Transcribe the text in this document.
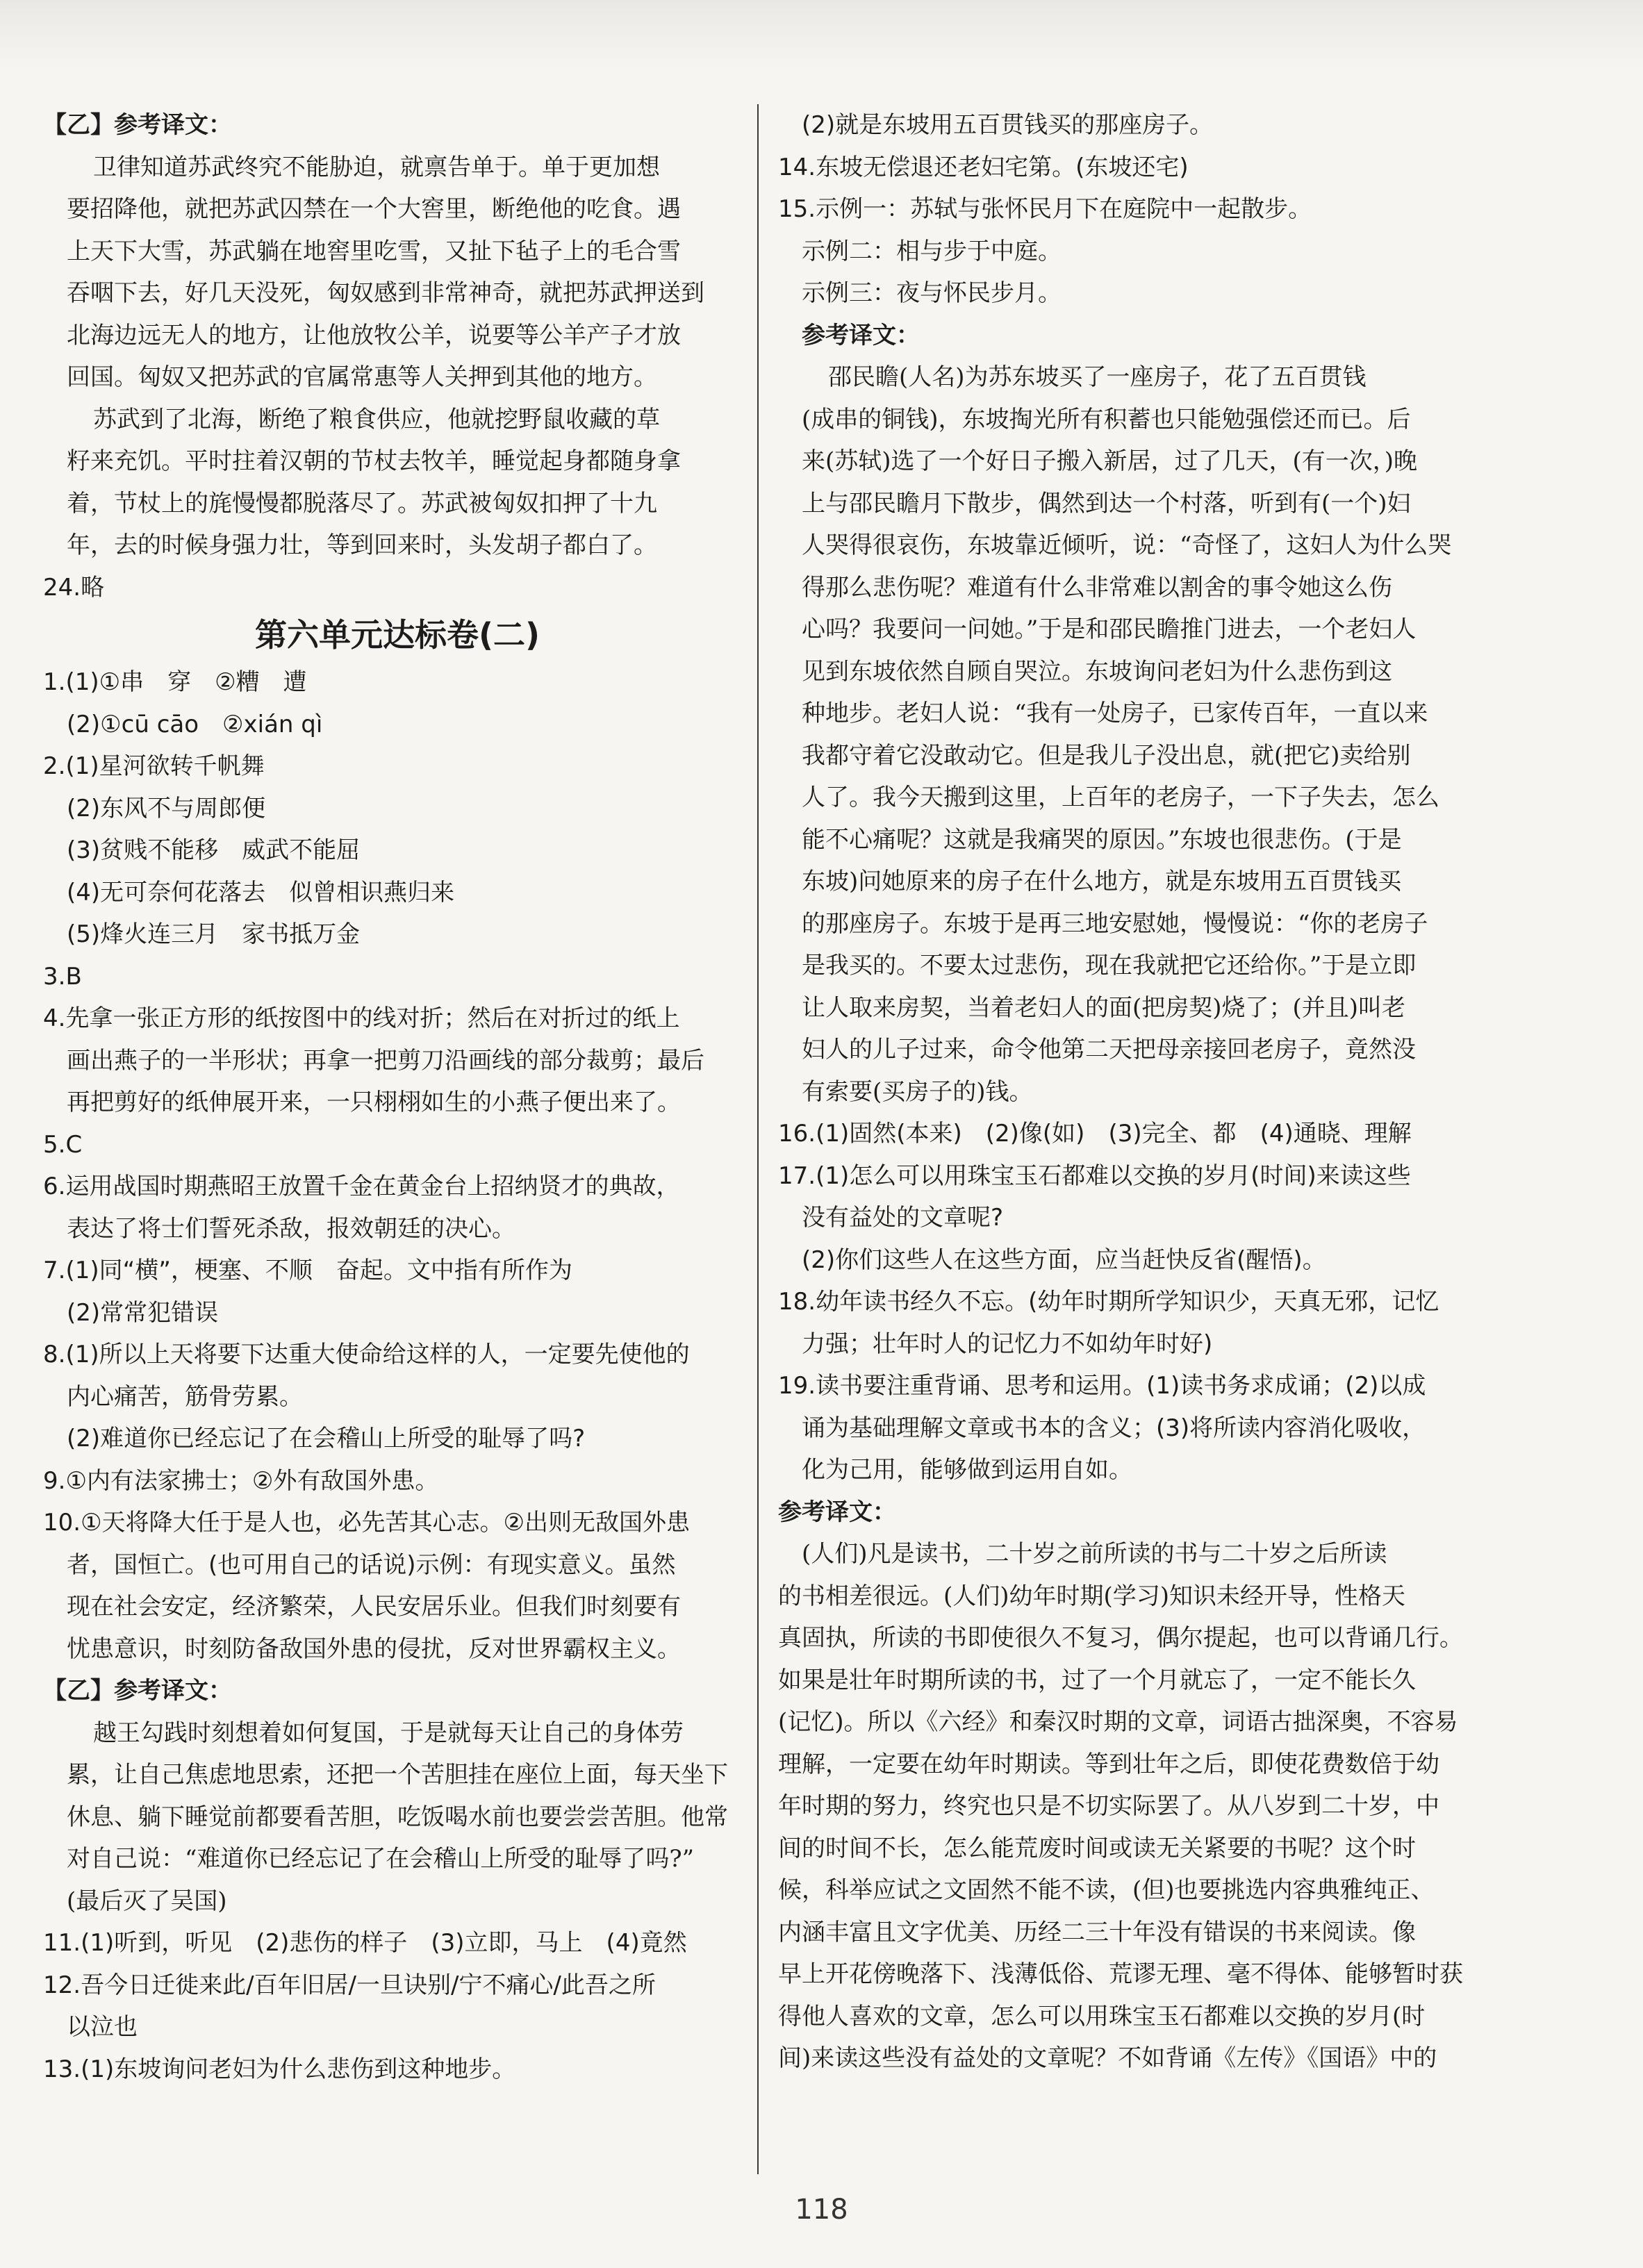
【乙】参考译文：
卫律知道苏武终究不能胁迫，就禀告单于。单于更加想
要招降他，就把苏武囚禁在一个大窖里，断绝他的吃食。遇
上天下大雪，苏武躺在地窖里吃雪，又扯下毡子上的毛合雪
吞咽下去，好几天没死，匈奴感到非常神奇，就把苏武押送到
北海边远无人的地方，让他放牧公羊，说要等公羊产子才放
回国。匈奴又把苏武的官属常惠等人关押到其他的地方。
苏武到了北海，断绝了粮食供应，他就挖野鼠收藏的草
籽来充饥。平时拄着汉朝的节杖去牧羊，睡觉起身都随身拿
着，节杖上的旄慢慢都脱落尽了。苏武被匈奴扣押了十九
年，去的时候身强力壮，等到回来时，头发胡子都白了。
24.略
第六单元达标卷(二)
1.(1)①串　穿　②糟　遭
(2)①cū cāo　②xián qì
2.(1)星河欲转千帆舞
(2)东风不与周郎便
(3)贫贱不能移　威武不能屈
(4)无可奈何花落去　似曾相识燕归来
(5)烽火连三月　家书抵万金
3.B
4.先拿一张正方形的纸按图中的线对折；然后在对折过的纸上
画出燕子的一半形状；再拿一把剪刀沿画线的部分裁剪；最后
再把剪好的纸伸展开来，一只栩栩如生的小燕子便出来了。
5.C
6.运用战国时期燕昭王放置千金在黄金台上招纳贤才的典故，
表达了将士们誓死杀敌，报效朝廷的决心。
7.(1)同“横”，梗塞、不顺　奋起。文中指有所作为
(2)常常犯错误
8.(1)所以上天将要下达重大使命给这样的人，一定要先使他的
内心痛苦，筋骨劳累。
(2)难道你已经忘记了在会稽山上所受的耻辱了吗?
9.①内有法家拂士；②外有敌国外患。
10.①天将降大任于是人也，必先苦其心志。②出则无敌国外患
者，国恒亡。(也可用自己的话说)示例：有现实意义。虽然
现在社会安定，经济繁荣，人民安居乐业。但我们时刻要有
忧患意识，时刻防备敌国外患的侵扰，反对世界霸权主义。
【乙】参考译文：
越王勾践时刻想着如何复国，于是就每天让自己的身体劳
累，让自己焦虑地思索，还把一个苦胆挂在座位上面，每天坐下
休息、躺下睡觉前都要看苦胆，吃饭喝水前也要尝尝苦胆。他常
对自己说：“难道你已经忘记了在会稽山上所受的耻辱了吗?”
(最后灭了吴国)
11.(1)听到，听见　(2)悲伤的样子　(3)立即，马上　(4)竟然
12.吾今日迁徙来此/百年旧居/一旦诀别/宁不痛心/此吾之所
以泣也
13.(1)东坡询问老妇为什么悲伤到这种地步。
(2)就是东坡用五百贯钱买的那座房子。
14.东坡无偿退还老妇宅第。(东坡还宅)
15.示例一：苏轼与张怀民月下在庭院中一起散步。
示例二：相与步于中庭。
示例三：夜与怀民步月。
参考译文：
邵民瞻(人名)为苏东坡买了一座房子，花了五百贯钱
(成串的铜钱)，东坡掏光所有积蓄也只能勉强偿还而已。后
来(苏轼)选了一个好日子搬入新居，过了几天，(有一次，)晚
上与邵民瞻月下散步，偶然到达一个村落，听到有(一个)妇
人哭得很哀伤，东坡靠近倾听，说：“奇怪了，这妇人为什么哭
得那么悲伤呢？难道有什么非常难以割舍的事令她这么伤
心吗？我要问一问她。”于是和邵民瞻推门进去，一个老妇人
见到东坡依然自顾自哭泣。东坡询问老妇为什么悲伤到这
种地步。老妇人说：“我有一处房子，已家传百年，一直以来
我都守着它没敢动它。但是我儿子没出息，就(把它)卖给别
人了。我今天搬到这里，上百年的老房子，一下子失去，怎么
能不心痛呢？这就是我痛哭的原因。”东坡也很悲伤。(于是
东坡)问她原来的房子在什么地方，就是东坡用五百贯钱买
的那座房子。东坡于是再三地安慰她，慢慢说：“你的老房子
是我买的。不要太过悲伤，现在我就把它还给你。”于是立即
让人取来房契，当着老妇人的面(把房契)烧了；(并且)叫老
妇人的儿子过来，命令他第二天把母亲接回老房子，竟然没
有索要(买房子的)钱。
16.(1)固然(本来)　(2)像(如)　(3)完全、都　(4)通晓、理解
17.(1)怎么可以用珠宝玉石都难以交换的岁月(时间)来读这些
没有益处的文章呢?
(2)你们这些人在这些方面，应当赶快反省(醒悟)。
18.幼年读书经久不忘。(幼年时期所学知识少，天真无邪，记忆
力强；壮年时人的记忆力不如幼年时好)
19.读书要注重背诵、思考和运用。(1)读书务求成诵；(2)以成
诵为基础理解文章或书本的含义；(3)将所读内容消化吸收，
化为己用，能够做到运用自如。
参考译文：
(人们)凡是读书，二十岁之前所读的书与二十岁之后所读
的书相差很远。(人们)幼年时期(学习)知识未经开导，性格天
真固执，所读的书即使很久不复习，偶尔提起，也可以背诵几行。
如果是壮年时期所读的书，过了一个月就忘了，一定不能长久
(记忆)。所以《六经》和秦汉时期的文章，词语古拙深奥，不容易
理解，一定要在幼年时期读。等到壮年之后，即使花费数倍于幼
年时期的努力，终究也只是不切实际罢了。从八岁到二十岁，中
间的时间不长，怎么能荒废时间或读无关紧要的书呢？这个时
候，科举应试之文固然不能不读，(但)也要挑选内容典雅纯正、
内涵丰富且文字优美、历经二三十年没有错误的书来阅读。像
早上开花傍晚落下、浅薄低俗、荒谬无理、毫不得体、能够暂时获
得他人喜欢的文章，怎么可以用珠宝玉石都难以交换的岁月(时
间)来读这些没有益处的文章呢？不如背诵《左传》《国语》中的
118
